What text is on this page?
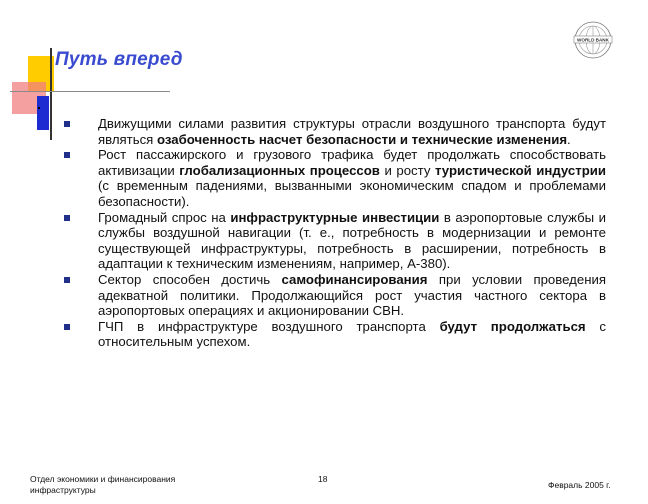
Путь вперед
WORLD BANK
Движущими силами развития структуры отрасли воздушного транспорта будут являться озабоченность насчет безопасности и технические изменения.
Рост пассажирского и грузового трафика будет продолжать способствовать активизации глобализационных процессов и росту туристической индустрии (с временным падениями, вызванными экономическим спадом и проблемами безопасности).
Громадный спрос на инфраструктурные инвестиции в аэропортовые службы и службы воздушной навигации (т. е., потребность в модернизации и ремонте существующей инфраструктуры, потребность в расширении, потребность в адаптации к техническим изменениям, например, А-380).
Сектор способен достичь самофинансирования при условии проведения адекватной политики. Продолжающийся рост участия частного сектора в аэропортовых операциях и акционировании СВН.
ГЧП в инфраструктуре воздушного транспорта будут продолжаться с относительным успехом.
Отдел экономики и финансирования инфраструктуры
18
Февраль 2005 г.
